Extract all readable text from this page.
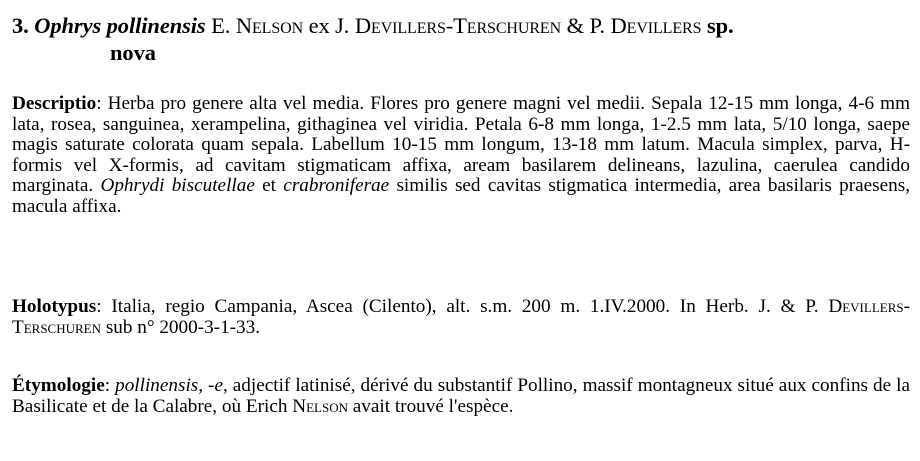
3. Ophrys pollinensis E. Nelson ex J. Devillers-Terschuren & P. Devillers sp.
nova
Descriptio: Herba pro genere alta vel media. Flores pro genere magni vel medii. Sepala 12-15 mm longa, 4-6 mm lata, rosea, sanguinea, xerampelina, githaginea vel viridia. Petala 6-8 mm longa, 1-2.5 mm lata, 5/10 longa, saepe magis saturate colorata quam sepala. Labellum 10-15 mm longum, 13-18 mm latum. Macula simplex, parva, H-formis vel X-formis, ad cavitam stigmaticam affixa, aream basilarem delineans, lazulina, caerulea candido marginata. Ophrydi biscutellae et crabroniferae similis sed cavitas stigmatica intermedia, area basilaris praesens, macula affixa.
Holotypus: Italia, regio Campania, Ascea (Cilento), alt. s.m. 200 m. 1.IV.2000. In Herb. J. & P. Devillers-Terschuren sub n° 2000-3-1-33.
Étymologie: pollinensis, -e, adjectif latinisé, dérivé du substantif Pollino, massif montagneux situé aux confins de la Basilicate et de la Calabre, où Erich Nelson avait trouvé l'espèce.
